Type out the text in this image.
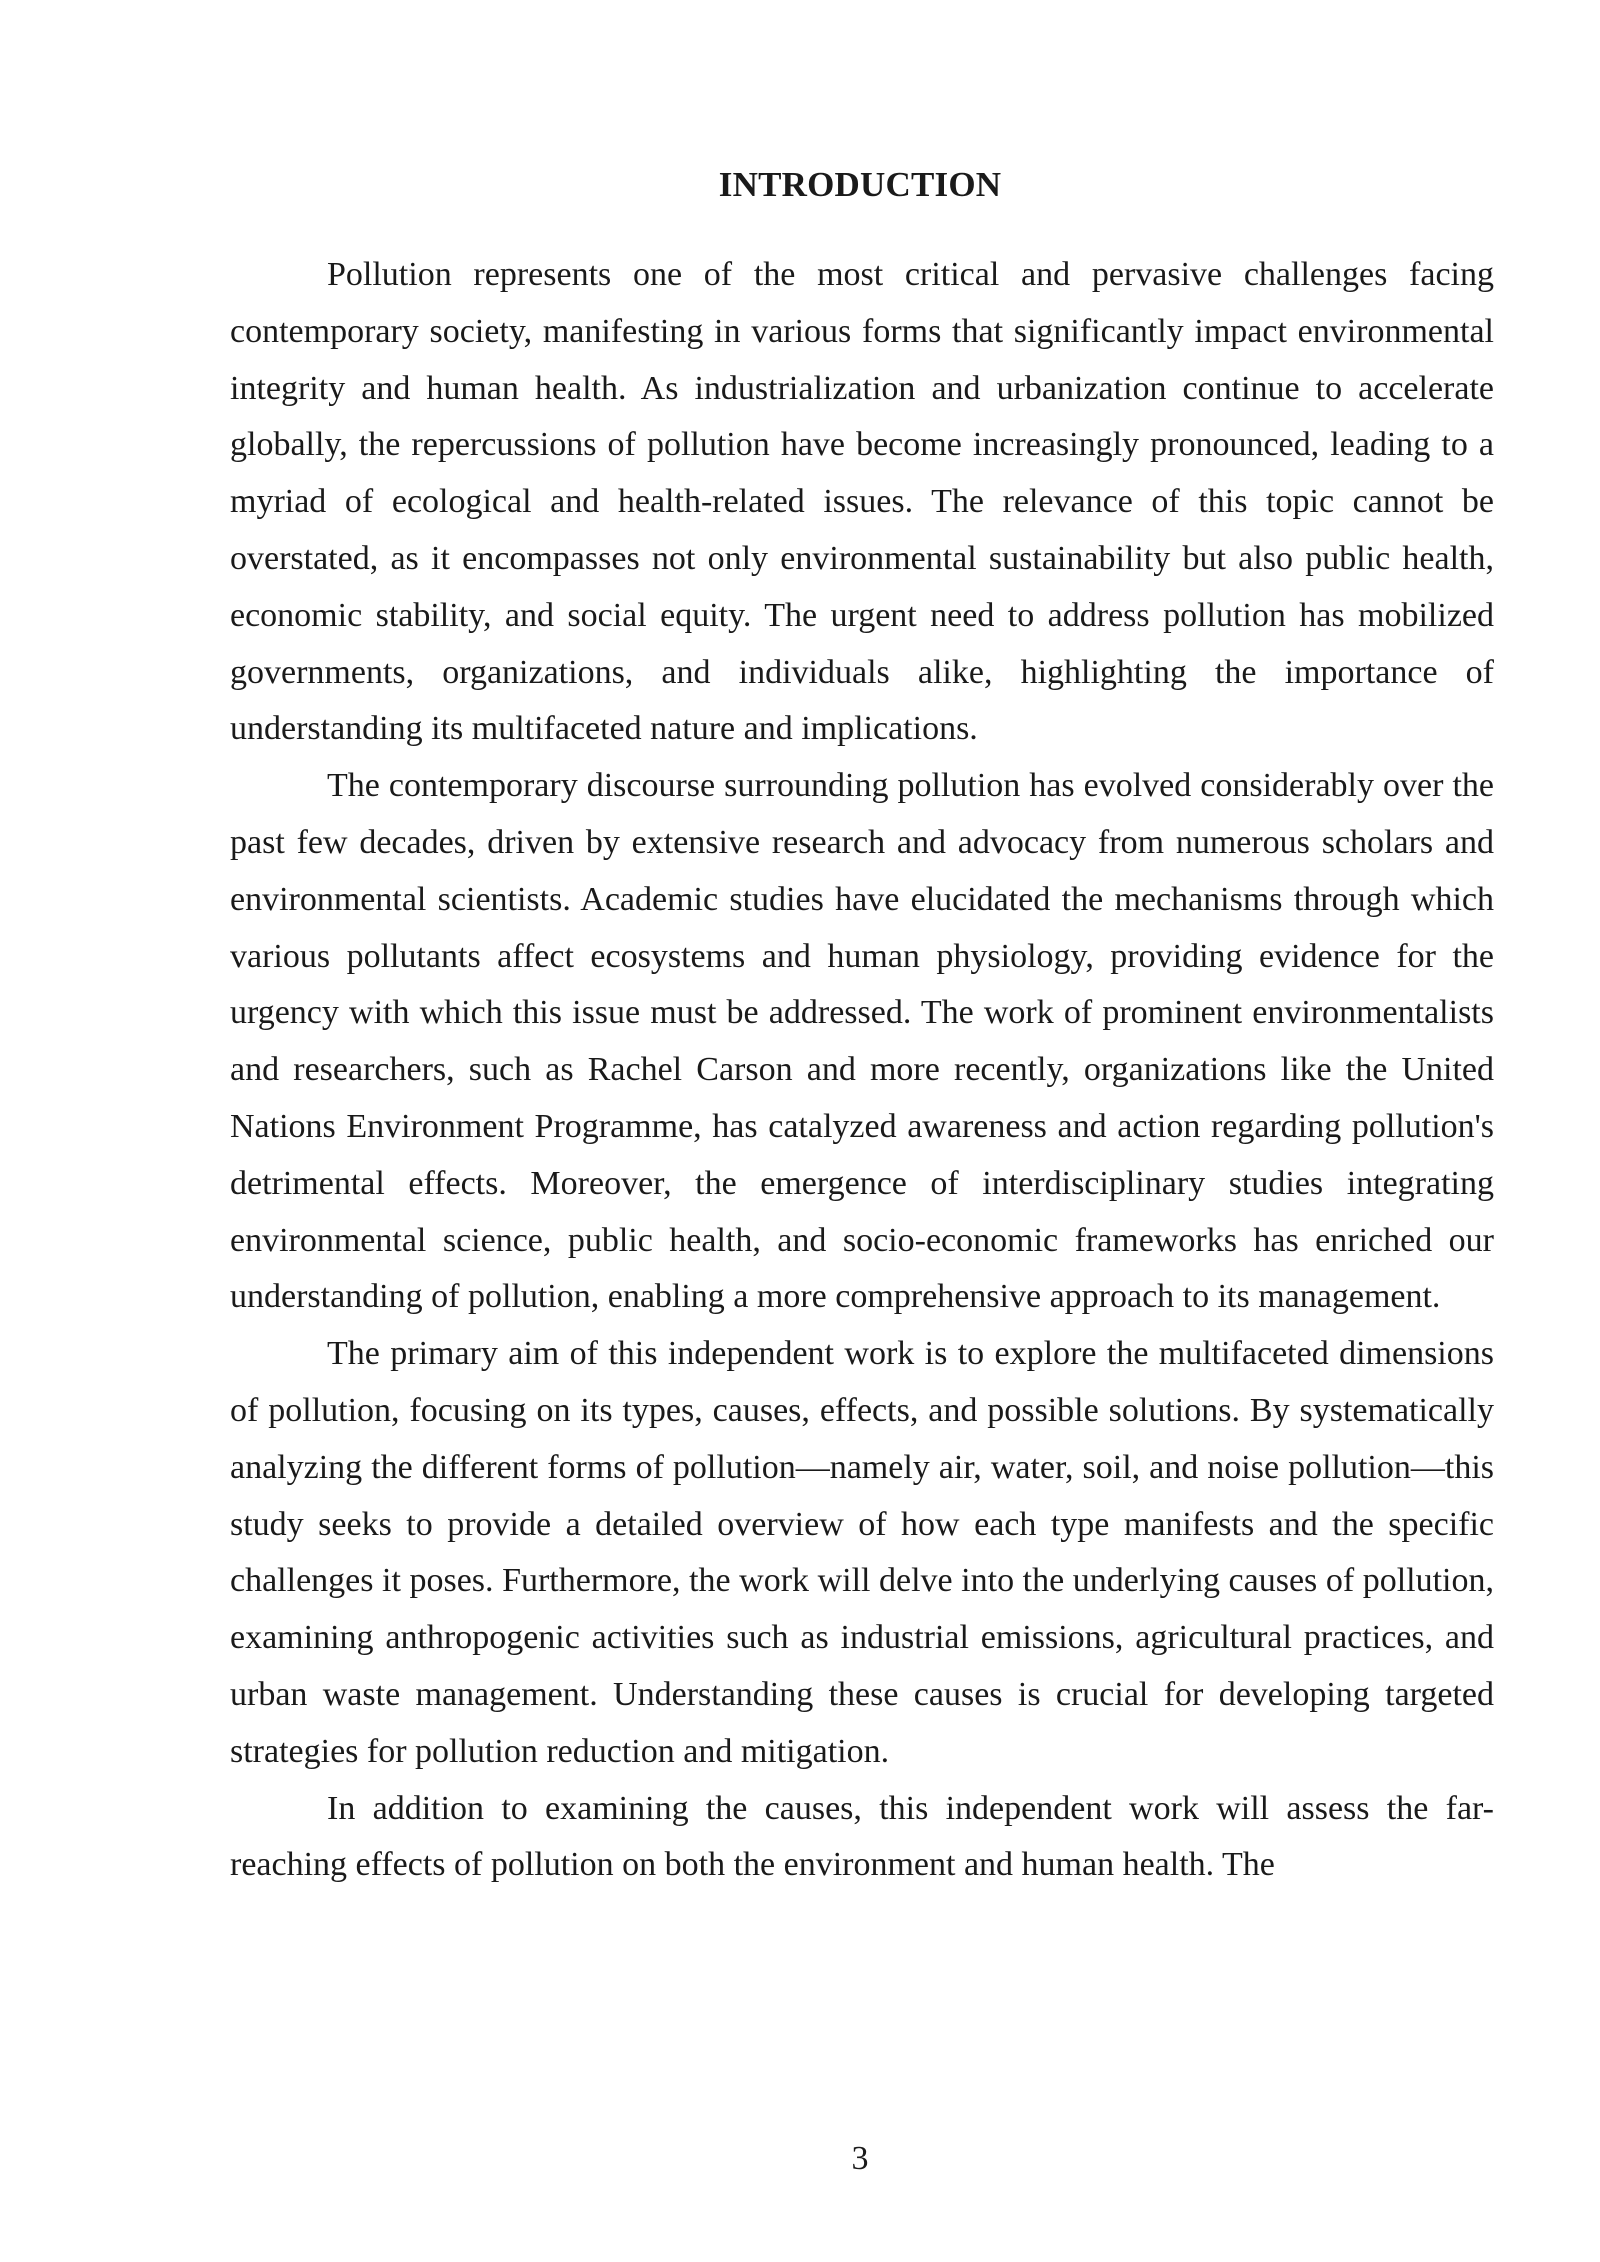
INTRODUCTION

Pollution represents one of the most critical and pervasive challenges facing contemporary society, manifesting in various forms that significantly impact environmental integrity and human health. As industrialization and urbanization continue to accelerate globally, the repercussions of pollution have become increasingly pronounced, leading to a myriad of ecological and health-related issues. The relevance of this topic cannot be overstated, as it encompasses not only environmental sustainability but also public health, economic stability, and social equity. The urgent need to address pollution has mobilized governments, organizations, and individuals alike, highlighting the importance of understanding its multifaceted nature and implications.

The contemporary discourse surrounding pollution has evolved considerably over the past few decades, driven by extensive research and advocacy from numerous scholars and environmental scientists. Academic studies have elucidated the mechanisms through which various pollutants affect ecosystems and human physiology, providing evidence for the urgency with which this issue must be addressed. The work of prominent environmentalists and researchers, such as Rachel Carson and more recently, organizations like the United Nations Environment Programme, has catalyzed awareness and action regarding pollution's detrimental effects. Moreover, the emergence of interdisciplinary studies integrating environmental science, public health, and socio-economic frameworks has enriched our understanding of pollution, enabling a more comprehensive approach to its management.

The primary aim of this independent work is to explore the multifaceted dimensions of pollution, focusing on its types, causes, effects, and possible solutions. By systematically analyzing the different forms of pollution—namely air, water, soil, and noise pollution—this study seeks to provide a detailed overview of how each type manifests and the specific challenges it poses. Furthermore, the work will delve into the underlying causes of pollution, examining anthropogenic activities such as industrial emissions, agricultural practices, and urban waste management. Understanding these causes is crucial for developing targeted strategies for pollution reduction and mitigation.

In addition to examining the causes, this independent work will assess the far-reaching effects of pollution on both the environment and human health. The

3
